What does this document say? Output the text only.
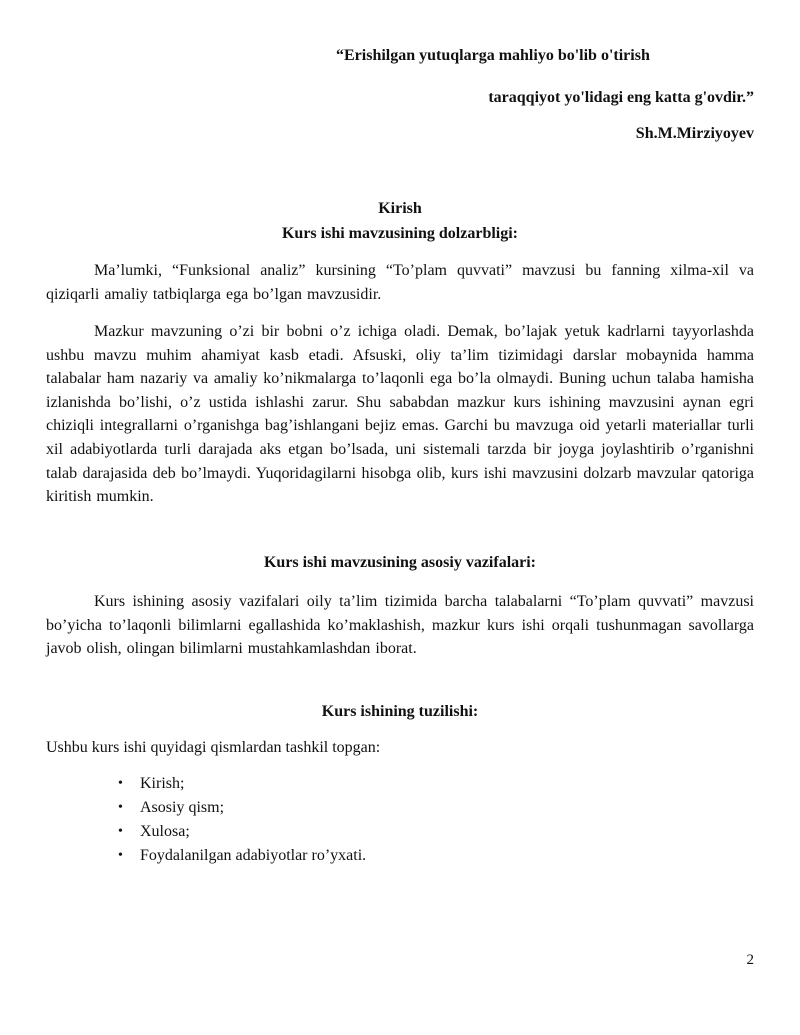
“Erishilgan yutuqlarga mahliyo bo'lib o'tirish
taraqqiyot yo'lidagi eng katta g'ovdir.”
Sh.M.Mirziyoyev
Kirish
Kurs ishi mavzusining dolzarbligi:
Ma’lumki, “Funksional analiz” kursining “To’plam quvvati” mavzusi bu fanning xilma-xil va qiziqarli amaliy tatbiqlarga ega bo’lgan mavzusidir.
Mazkur mavzuning o’zi bir bobni o’z ichiga oladi. Demak, bo’lajak yetuk kadrlarni tayyorlashda ushbu mavzu muhim ahamiyat kasb etadi. Afsuski, oliy ta’lim tizimidagi darslar mobaynida hamma talabalar ham nazariy va amaliy ko’nikmalarga to’laqonli ega bo’la olmaydi. Buning uchun talaba hamisha izlanishda bo’lishi, o’z ustida ishlashi zarur. Shu sababdan mazkur kurs ishining mavzusini aynan egri chiziqli integrallarni o’rganishga bag’ishlangani bejiz emas. Garchi bu mavzuga oid yetarli materiallar turli xil adabiyotlarda turli darajada aks etgan bo’lsada, uni sistemali tarzda bir joyga joylashtirib o’rganishni talab darajasida deb bo’lmaydi. Yuqoridagilarni hisobga olib, kurs ishi mavzusini dolzarb mavzular qatoriga kiritish mumkin.
Kurs ishi mavzusining asosiy vazifalari:
Kurs ishining asosiy vazifalari oily ta’lim tizimida barcha talabalarni “To’plam quvvati” mavzusi bo’yicha to’laqonli bilimlarni egallashida ko’maklashish, mazkur kurs ishi orqali tushunmagan savollarga javob olish, olingan bilimlarni mustahkamlashdan iborat.
Kurs ishining tuzilishi:
Ushbu kurs ishi quyidagi qismlardan tashkil topgan:
• Kirish;
• Asosiy qism;
• Xulosa;
• Foydalanilgan adabiyotlar ro’yxati.
2
